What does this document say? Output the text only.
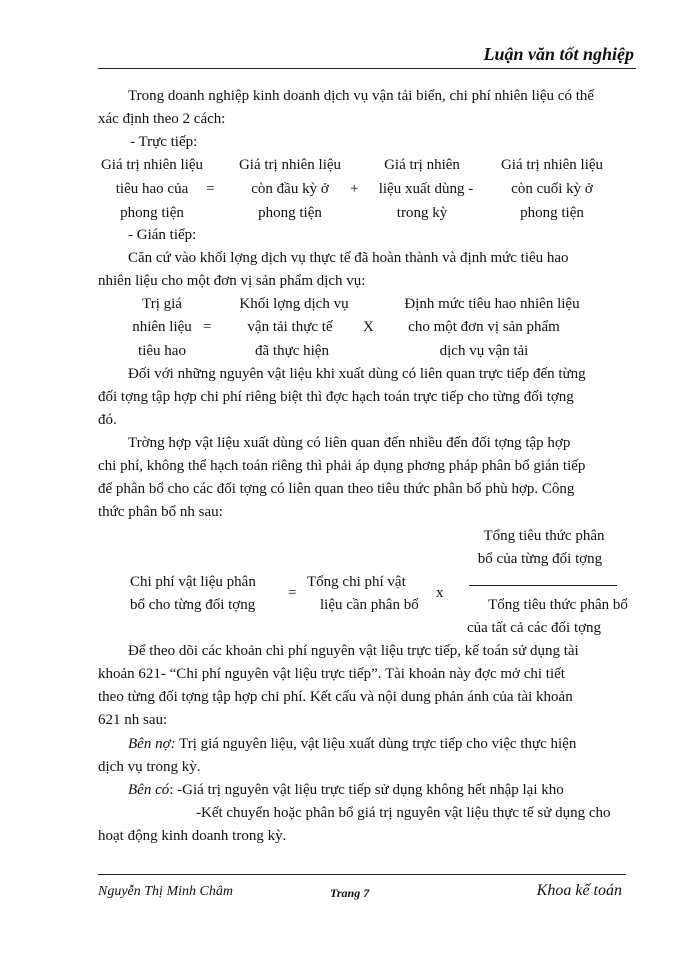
Luận văn tốt nghiệp
Trong doanh nghiệp kinh doanh dịch vụ vận tải biển, chi phí nhiên liệu có thể
xác định theo 2 cách:
- Trực tiếp:
Giá trị nhiên liệu
tiêu hao của
phong tiện
=
Giá trị nhiên liệu
còn đầu kỳ ở
phong tiện
+
Giá trị nhiên
liệu xuất dùng -
trong kỳ
Giá trị nhiên liệu
còn cuối kỳ ở
phong tiện
- Gián tiếp:
Căn cứ vào khối lợng dịch vụ thực tế đã hoàn thành và định mức tiêu hao
nhiên liệu cho một đơn vị sản phẩm dịch vụ:
Trị giá
nhiên liệu
tiêu hao
=
Khối lợng dịch vụ
vận tải thực tế
đã thực hiện
X
Định mức tiêu hao nhiên liệu
cho một đơn vị sản phẩm
dịch vụ vận tải
Đối với những nguyên vật liệu khi xuất dùng có liên quan trực tiếp đến từng
đối tợng tập hợp chi phí riêng biệt thì đợc hạch toán trực tiếp cho từng đối tợng
đó.
Trờng hợp vật liệu xuất dùng có liên quan đến nhiều đến đối tợng tập hợp
chi phí, không thể hạch toán riêng thì phải áp dụng phơng pháp phân bổ gián tiếp
để phân bổ cho các đối tợng có liên quan theo tiêu thức phân bổ phù hợp. Công
thức phân bổ nh sau:
Tổng tiêu thức phân
bổ của từng đối tợng
Chi phí vật liệu phân
bổ cho từng đối tợng
=
Tổng chi phí vật
liệu cần phân bổ
x
Tổng tiêu thức phân bổ
của tất cả các đối tợng
Để theo dõi các khoản chi phí nguyên vật liệu trực tiếp, kế toán sử dụng tài
khoản 621- “Chi phí nguyên vật liệu trực tiếp”. Tài khoản này đợc mở chi tiết
theo từng đối tợng tập hợp chi phí. Kết cấu và nội dung phản ánh của tài khoản
621 nh sau:
Bên nợ: Trị giá nguyên liệu, vật liệu xuất dùng trực tiếp cho việc thực hiện
dịch vụ trong kỳ.
Bên có: -Giá trị nguyên vật liệu trực tiếp sử dụng không hết nhập lại kho
-Kết chuyển hoặc phân bổ giá trị nguyên vật liệu thực tế sử dụng cho
hoạt động kinh doanh trong kỳ.
Nguyễn Thị Minh Châm	Trang 7	Khoa kế toán
